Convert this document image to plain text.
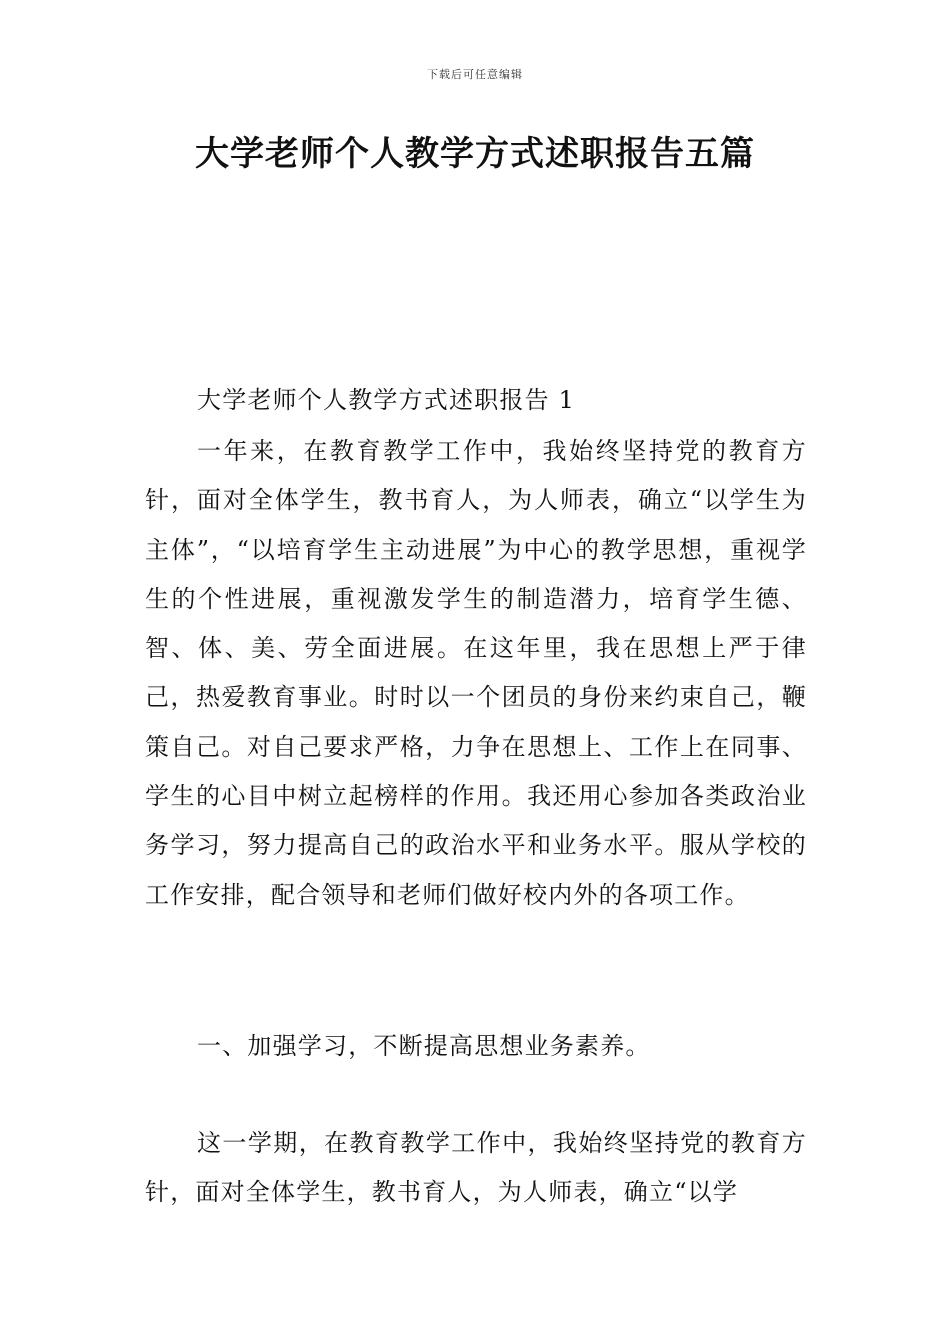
下载后可任意编辑
大学老师个人教学方式述职报告五篇

大学老师个人教学方式述职报告 1

一年来，在教育教学工作中，我始终坚持党的教育方针，面对全体学生，教书育人，为人师表，确立“以学生为主体”，“以培育学生主动进展”为中心的教学思想，重视学生的个性进展，重视激发学生的制造潜力，培育学生德、智、体、美、劳全面进展。在这年里，我在思想上严于律己，热爱教育事业。时时以一个团员的身份来约束自己，鞭策自己。对自己要求严格，力争在思想上、工作上在同事、学生的心目中树立起榜样的作用。我还用心参加各类政治业务学习，努力提高自己的政治水平和业务水平。服从学校的工作安排，配合领导和老师们做好校内外的各项工作。

一、加强学习，不断提高思想业务素养。

这一学期，在教育教学工作中，我始终坚持党的教育方针，面对全体学生，教书育人，为人师表，确立“以学
